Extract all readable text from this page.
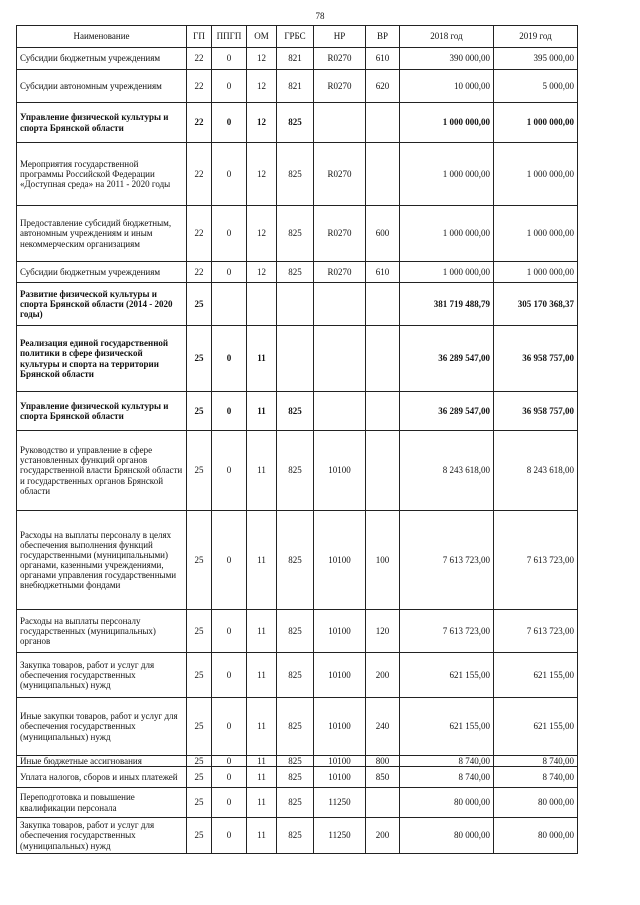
78
Наименование	ГП	ППГП	ОМ	ГРБС	НР	ВР	2018 год	2019 год
Субсидии бюджетным учреждениям	22	0	12	821	R0270	610	390 000,00	395 000,00
Субсидии автономным учреждениям	22	0	12	821	R0270	620	10 000,00	5 000,00
Управление физической культуры и спорта Брянской области	22	0	12	825			1 000 000,00	1 000 000,00
Мероприятия государственной программы Российской Федерации «Доступная среда» на 2011 - 2020 годы	22	0	12	825	R0270		1 000 000,00	1 000 000,00
Предоставление субсидий бюджетным, автономным учреждениям и иным некоммерческим организациям	22	0	12	825	R0270	600	1 000 000,00	1 000 000,00
Субсидии бюджетным учреждениям	22	0	12	825	R0270	610	1 000 000,00	1 000 000,00
Развитие физической культуры и спорта Брянской области (2014 - 2020 годы)	25						381 719 488,79	305 170 368,37
Реализация единой государственной политики в сфере физической культуры и спорта на территории Брянской области	25	0	11				36 289 547,00	36 958 757,00
Управление физической культуры и спорта Брянской области	25	0	11	825			36 289 547,00	36 958 757,00
Руководство и управление в сфере установленных функций органов государственной власти Брянской области и государственных органов Брянской области	25	0	11	825	10100		8 243 618,00	8 243 618,00
Расходы на выплаты персоналу в целях обеспечения выполнения функций государственными (муниципальными) органами, казенными учреждениями, органами управления государственными внебюджетными фондами	25	0	11	825	10100	100	7 613 723,00	7 613 723,00
Расходы на выплаты персоналу государственных (муниципальных) органов	25	0	11	825	10100	120	7 613 723,00	7 613 723,00
Закупка товаров, работ и услуг для обеспечения государственных (муниципальных) нужд	25	0	11	825	10100	200	621 155,00	621 155,00
Иные закупки товаров, работ и услуг для обеспечения государственных (муниципальных) нужд	25	0	11	825	10100	240	621 155,00	621 155,00
Иные бюджетные ассигнования	25	0	11	825	10100	800	8 740,00	8 740,00
Уплата налогов, сборов и иных платежей	25	0	11	825	10100	850	8 740,00	8 740,00
Переподготовка и повышение квалификации персонала	25	0	11	825	11250		80 000,00	80 000,00
Закупка товаров, работ и услуг для обеспечения государственных (муниципальных) нужд	25	0	11	825	11250	200	80 000,00	80 000,00
